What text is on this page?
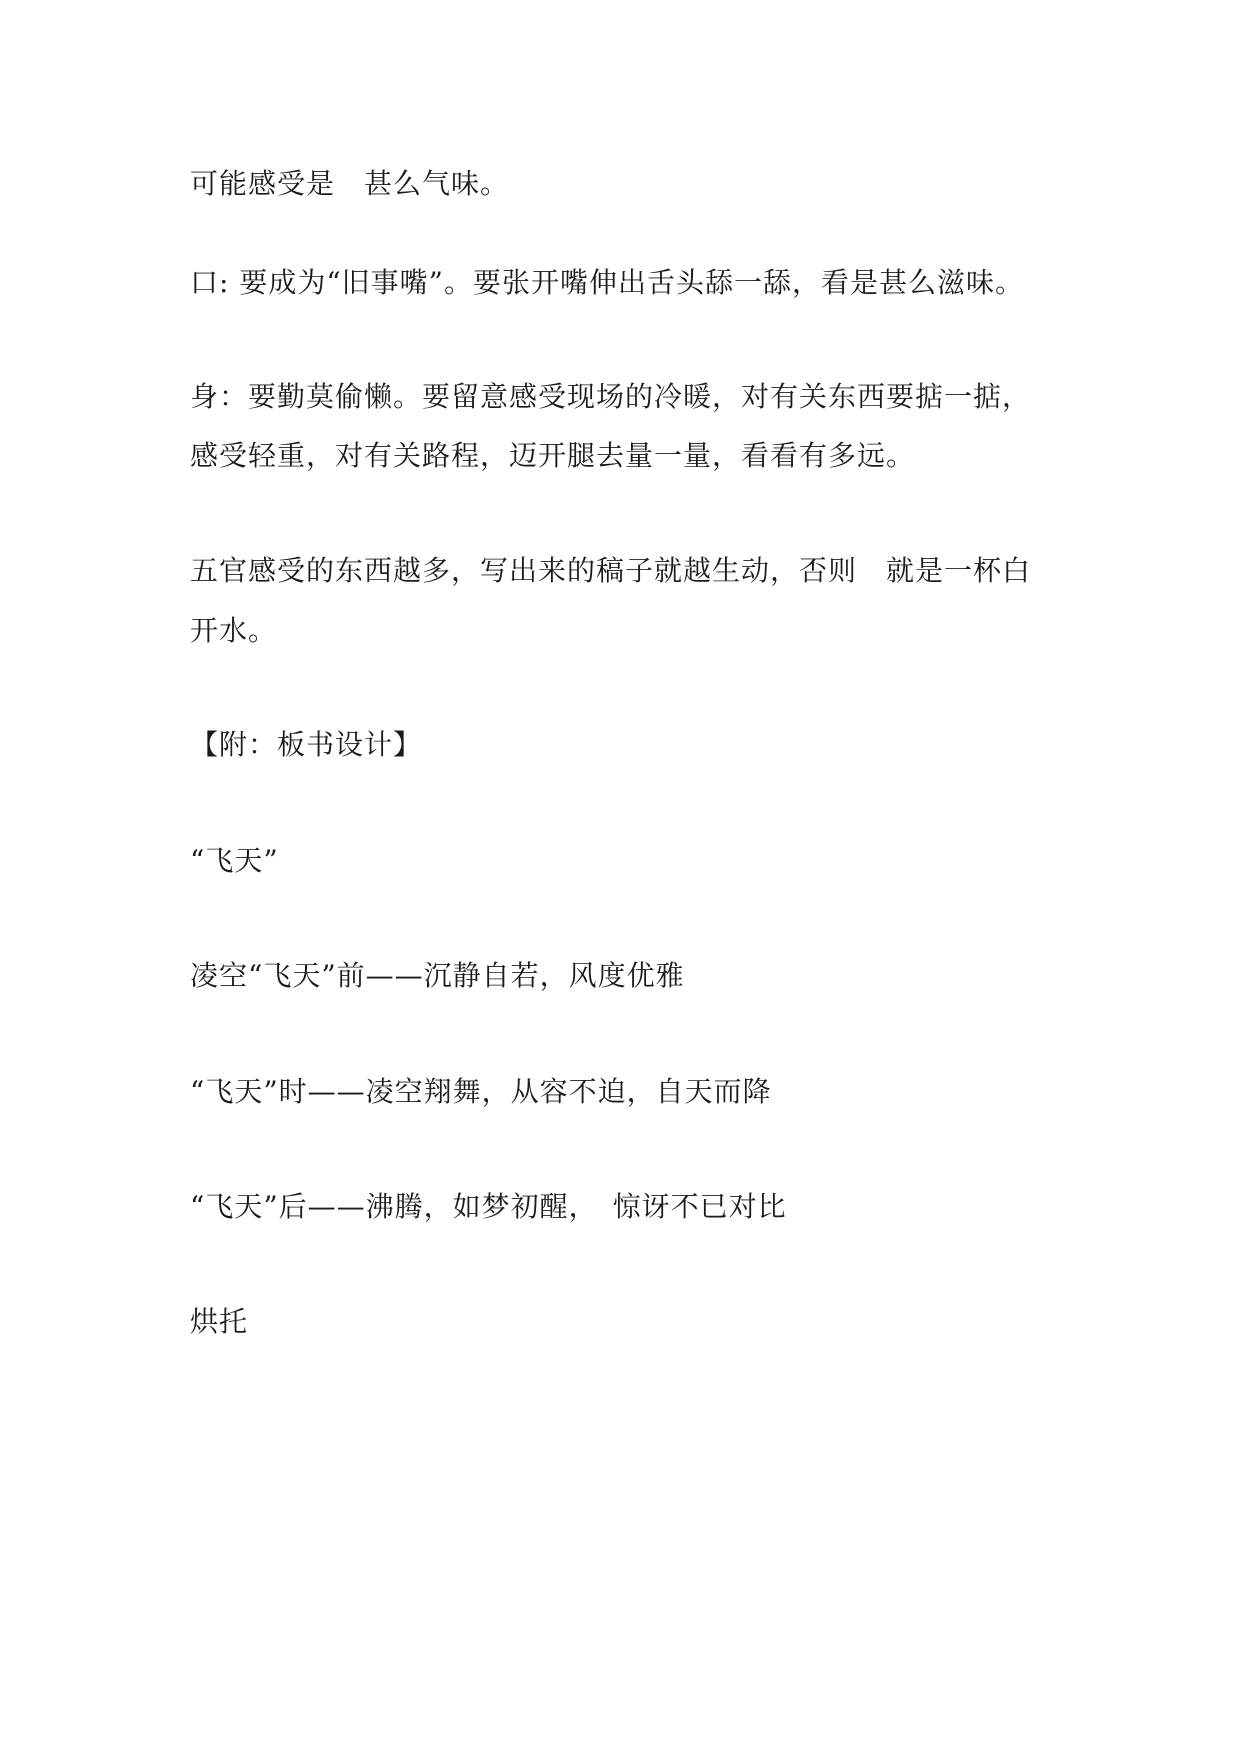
可能感受是　甚么气味。
口: 要成为“旧事嘴”。要张开嘴伸出舌头舔一舔，看是甚么滋味。
身：要勤莫偷懒。要留意感受现场的冷暖，对有关东西要掂一掂，
感受轻重，对有关路程，迈开腿去量一量，看看有多远。
五官感受的东西越多，写出来的稿子就越生动，否则　就是一杯白
开水。
【附：板书设计】
“飞天”
凌空“飞天”前——沉静自若，风度优雅
“飞天”时——凌空翔舞，从容不迫，自天而降
“飞天”后——沸腾，如梦初醒，　惊讶不已对比
烘托
